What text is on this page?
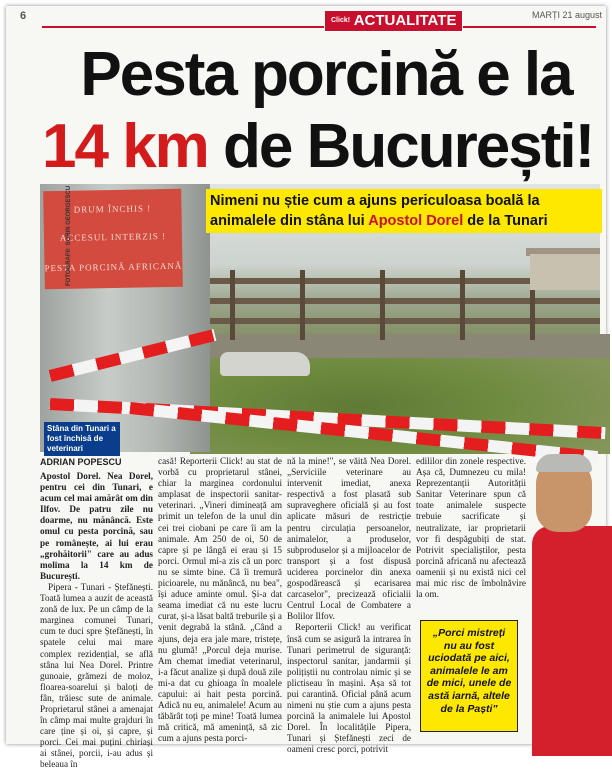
6	$^{Click!}$ ACTUALITATE	MARȚI 21 august
Pesta porcină e la
14 km de București!
DRUM ÎNCHIS !
ACCESUL INTERZIS !
PESTA PORCINĂ AFRICANĂ
FOTOGRAFII: SORIN GEORGESCU
Stâna din Tunari a fost închisă de veterinari
Nimeni nu știe cum a ajuns periculoasa boală la animalele din stâna lui Apostol Dorel de la Tunari
ADRIAN POPESCU

Apostol Dorel. Nea Dorel, pentru cei din Tunari, e acum cel mai amărât om din Ilfov. De patru zile nu doarme, nu mănâncă. Este omul cu pesta porcină, sau pe românește, ai lui erau „grohăitorii" care au adus molima la 14 km de București.

Pipera - Tunari - Ștefănești. Toată lumea a auzit de această zonă de lux. Pe un câmp de la marginea comunei Tunari, cum te duci spre Ștefănești, în spatele celui mai mare complex rezidențial, se află stâna lui Nea Dorel. Printre gunoaie, grămezi de moloz, floarea-soarelui și baloți de fân, trăiesc sute de animale. Proprietarul stânei a amenajat în câmp mai multe grajduri în care ține și oi, și capre, și porci. Cei mai puțini chiriași ai stânei, porcii, i-au adus și beleaua în

casă! Reporterii Click! au stat de vorbă cu proprietarul stânei, chiar la marginea cordonului amplasat de inspectorii sanitar-veterinari. „Vineri dimineață am primit un telefon de la unul din cei trei ciobani pe care îi am la animale. Am 250 de oi, 50 de capre și pe lângă ei erau și 15 porci. Ormul mi-a zis că un porc nu se simte bine. Că îi tremură picioarele, nu mănâncă, nu bea", își aduce aminte omul. Și-a dat seama imediat că nu este lucru curat, și-a lăsat baltă treburile și a venit degrabă la stână. „Când a ajuns, deja era jale mare, tristețe, nu glumă! „Porcul deja murise. Am chemat imediat veterinarul, i-a făcut analize și după două zile mi-a dat cu ghioaga în moalele capului: ai hait pesta porcină. Adică nu eu, animalele! Acum au tăbărât toți pe mine! Toată lumea mă critică, mă amenință, să zic cum a ajuns pesta porci-

nă la mine!", se văită Nea Dorel. „Serviciile veterinare au intervenit imediat, anexa respectivă a fost plasată sub supraveghere oficială și au fost aplicate măsuri de restricție pentru circulația persoanelor, animalelor, a produselor, subproduselor și a mijloacelor de transport și a fost dispusă uciderea porcinelor din anexa gospodărească și ecarisarea carcaselor", precizează oficialii Centrul Local de Combatere a Bolilor Ilfov.

Reporterii Click! au verificat însă cum se asigură la intrarea în Tunari perimetrul de siguranță: inspectorul sanitar, jandarmii și polițiștii nu controlau nimic și se plictiseau în mașini. Așa să tot pui carantină. Oficial până acum nimeni nu știe cum a ajuns pesta porcină la animalele lui Apostol Dorel. În localitățile Pipera, Tunari și Ștefănești zeci de oameni cresc porci, potrivit

edililor din zonele respective. Așa că, Dumnezeu cu mila! Reprezentanții Autorității Sanitar Veterinare spun că toate animalele suspecte trebuie sacrificate și neutralizate, iar proprietarii vor fi despăgubiți de stat. Potrivit specialiștilor, pesta porcină africană nu afectează oamenii și nu există nici cel mai mic risc de îmbolnăvire la om.

„Porci mistreți nu au fost uciodată pe aici, animalele le am de mici, unele de astă iarnă, altele de la Paști"
